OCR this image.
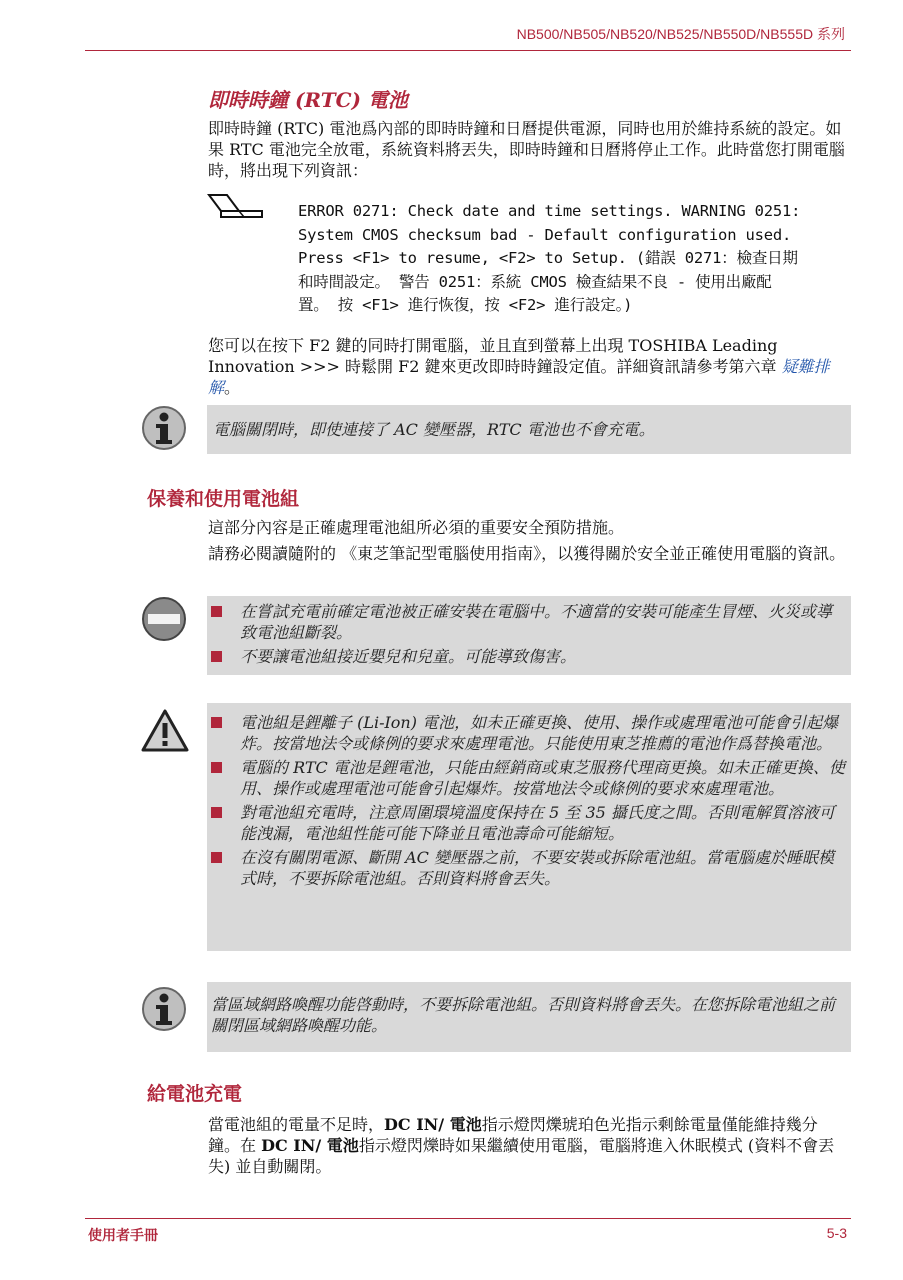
NB500/NB505/NB520/NB525/NB550D/NB555D 系列
即時時鐘 (RTC) 電池

即時時鐘 (RTC) 電池爲內部的即時時鐘和日曆提供電源，同時也用於維持系統的設定。如果 RTC 電池完全放電，系統資料將丟失，即時時鐘和日曆將停止工作。此時當您打開電腦時，將出現下列資訊：

ERROR 0271: Check date and time settings. WARNING 0251:
System CMOS checksum bad - Default configuration used.
Press <F1> to resume, <F2> to Setup. (錯誤 0271：檢查日期
和時間設定。 警告 0251：系統 CMOS 檢查結果不良 - 使用出廠配
置。 按 <F1> 進行恢復，按 <F2> 進行設定。)

您可以在按下 F2 鍵的同時打開電腦，並且直到螢幕上出現 TOSHIBA Leading Innovation >>> 時鬆開 F2 鍵來更改即時時鐘設定值。詳細資訊請參考第六章 疑難排解。

電腦關閉時，即使連接了 AC 變壓器，RTC 電池也不會充電。
保養和使用電池組

這部分內容是正確處理電池組所必須的重要安全預防措施。

請務必閱讀隨附的 《東芝筆記型電腦使用指南》，以獲得關於安全並正確使用電腦的資訊。

在嘗試充電前確定電池被正確安裝在電腦中。不適當的安裝可能產生冒煙、火災或導致電池組斷裂。
不要讓電池組接近嬰兒和兒童。可能導致傷害。
電池組是鋰離子 (Li-Ion) 電池，如未正確更換、使用、操作或處理電池可能會引起爆炸。按當地法令或條例的要求來處理電池。只能使用東芝推薦的電池作爲替換電池。
電腦的 RTC 電池是鋰電池，只能由經銷商或東芝服務代理商更換。如未正確更換、使用、操作或處理電池可能會引起爆炸。按當地法令或條例的要求來處理電池。
對電池組充電時，注意周圍環境溫度保持在 5 至 35 攝氏度之間。否則電解質溶液可能洩漏，電池組性能可能下降並且電池壽命可能縮短。
在沒有關閉電源、斷開 AC 變壓器之前，不要安裝或拆除電池組。當電腦處於睡眠模式時，不要拆除電池組。否則資料將會丟失。
當區域網路喚醒功能啓動時，不要拆除電池組。否則資料將會丟失。在您拆除電池組之前關閉區域網路喚醒功能。
給電池充電

當電池組的電量不足時，DC IN/ 電池指示燈閃爍琥珀色光指示剩餘電量僅能維持幾分鐘。在 DC IN/ 電池指示燈閃爍時如果繼續使用電腦，電腦將進入休眠模式 (資料不會丟失) 並自動關閉。

使用者手冊	5-3
